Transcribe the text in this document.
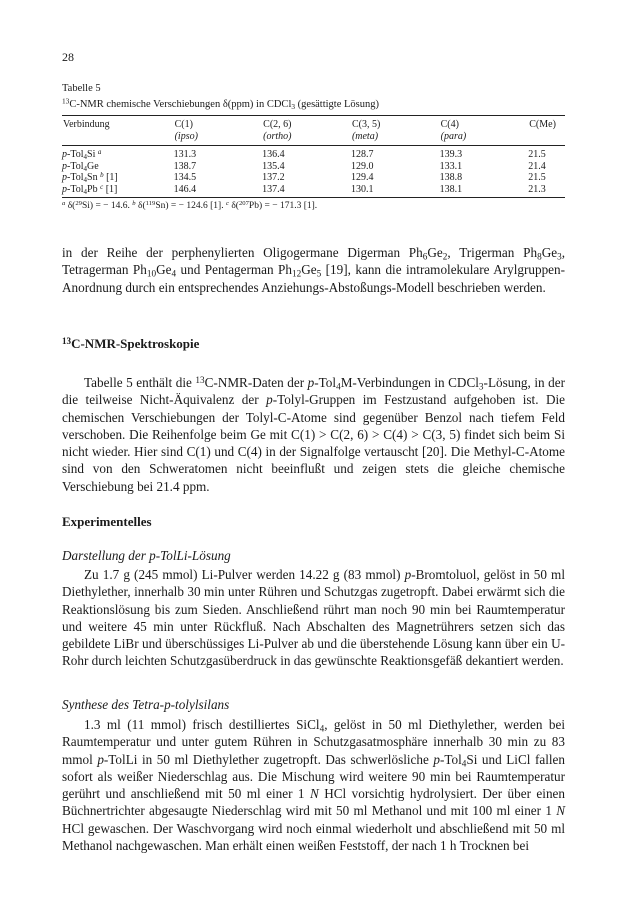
28
Tabelle 5
$^{13}$C-NMR chemische Verschiebungen δ(ppm) in CDCl$_3$ (gesättigte Lösung)
Verbindung	C(1)	C(2, 6)	C(3, 5)	C(4)	C(Me)
	(ipso)	(ortho)	(meta)	(para)	
p-Tol$_4$Si $^a$	131.3	136.4	128.7	139.3	21.5
p-Tol$_4$Ge	138.7	135.4	129.0	133.1	21.4
p-Tol$_4$Sn $^b$ [1]	134.5	137.2	129.4	138.8	21.5
p-Tol$_4$Pb $^c$ [1]	146.4	137.4	130.1	138.1	21.3
$^a$ δ($^{29}$Si) = − 14.6. $^b$ δ($^{119}$Sn) = − 124.6 [1]. $^c$ δ($^{207}$Pb) = − 171.3 [1].

in der Reihe der perphenylierten Oligogermane Digerman $Ph_6Ge_2$, Trigerman $Ph_8Ge_3$, Tetragerman $Ph_{10}Ge_4$ und Pentagerman $Ph_{12}Ge_5$ [19], kann die intramolekulare Arylgruppen-Anordnung durch ein entsprechendes Anziehungs-Abstoßungs-Modell beschrieben werden.

$^{13}$C-NMR-Spektroskopie

Tabelle 5 enthält die $^{13}$C-NMR-Daten der p-Tol$_4$M-Verbindungen in CDCl$_3$-Lösung, in der die teilweise Nicht-Äquivalenz der p-Tolyl-Gruppen im Festzustand aufgehoben ist. Die chemischen Verschiebungen der Tolyl-C-Atome sind gegenüber Benzol nach tiefem Feld verschoben. Die Reihenfolge beim Ge mit C(1) > C(2, 6) > C(4) > C(3, 5) findet sich beim Si nicht wieder. Hier sind C(1) und C(4) in der Signalfolge vertauscht [20]. Die Methyl-C-Atome sind von den Schweratomen nicht beeinflußt und zeigen stets die gleiche chemische Verschiebung bei 21.4 ppm.

Experimentelles
Darstellung der p-TolLi-Lösung

Zu 1.7 g (245 mmol) Li-Pulver werden 14.22 g (83 mmol) p-Bromtoluol, gelöst in 50 ml Diethylether, innerhalb 30 min unter Rühren und Schutzgas zugetropft. Dabei erwärmt sich die Reaktionslösung bis zum Sieden. Anschließend rührt man noch 90 min bei Raumtemperatur und weitere 45 min unter Rückfluß. Nach Abschalten des Magnetrührers setzen sich das gebildete LiBr und überschüssiges Li-Pulver ab und die überstehende Lösung kann über ein U-Rohr durch leichten Schutzgasüberdruck in das gewünschte Reaktionsgefäß dekantiert werden.

Synthese des Tetra-p-tolylsilans

1.3 ml (11 mmol) frisch destilliertes SiCl$_4$, gelöst in 50 ml Diethylether, werden bei Raumtemperatur und unter gutem Rühren in Schutzgasatmosphäre innerhalb 30 min zu 83 mmol p-TolLi in 50 ml Diethylether zugetropft. Das schwerlösliche p-Tol$_4$Si und LiCl fallen sofort als weißer Niederschlag aus. Die Mischung wird weitere 90 min bei Raumtemperatur gerührt und anschließend mit 50 ml einer 1 N HCl vorsichtig hydrolysiert. Der über einen Büchnertrichter abgesaugte Niederschlag wird mit 50 ml Methanol und mit 100 ml einer 1 N HCl gewaschen. Der Waschvorgang wird noch einmal wiederholt und abschließend mit 50 ml Methanol nachgewaschen. Man erhält einen weißen Feststoff, der nach 1 h Trocknen bei
